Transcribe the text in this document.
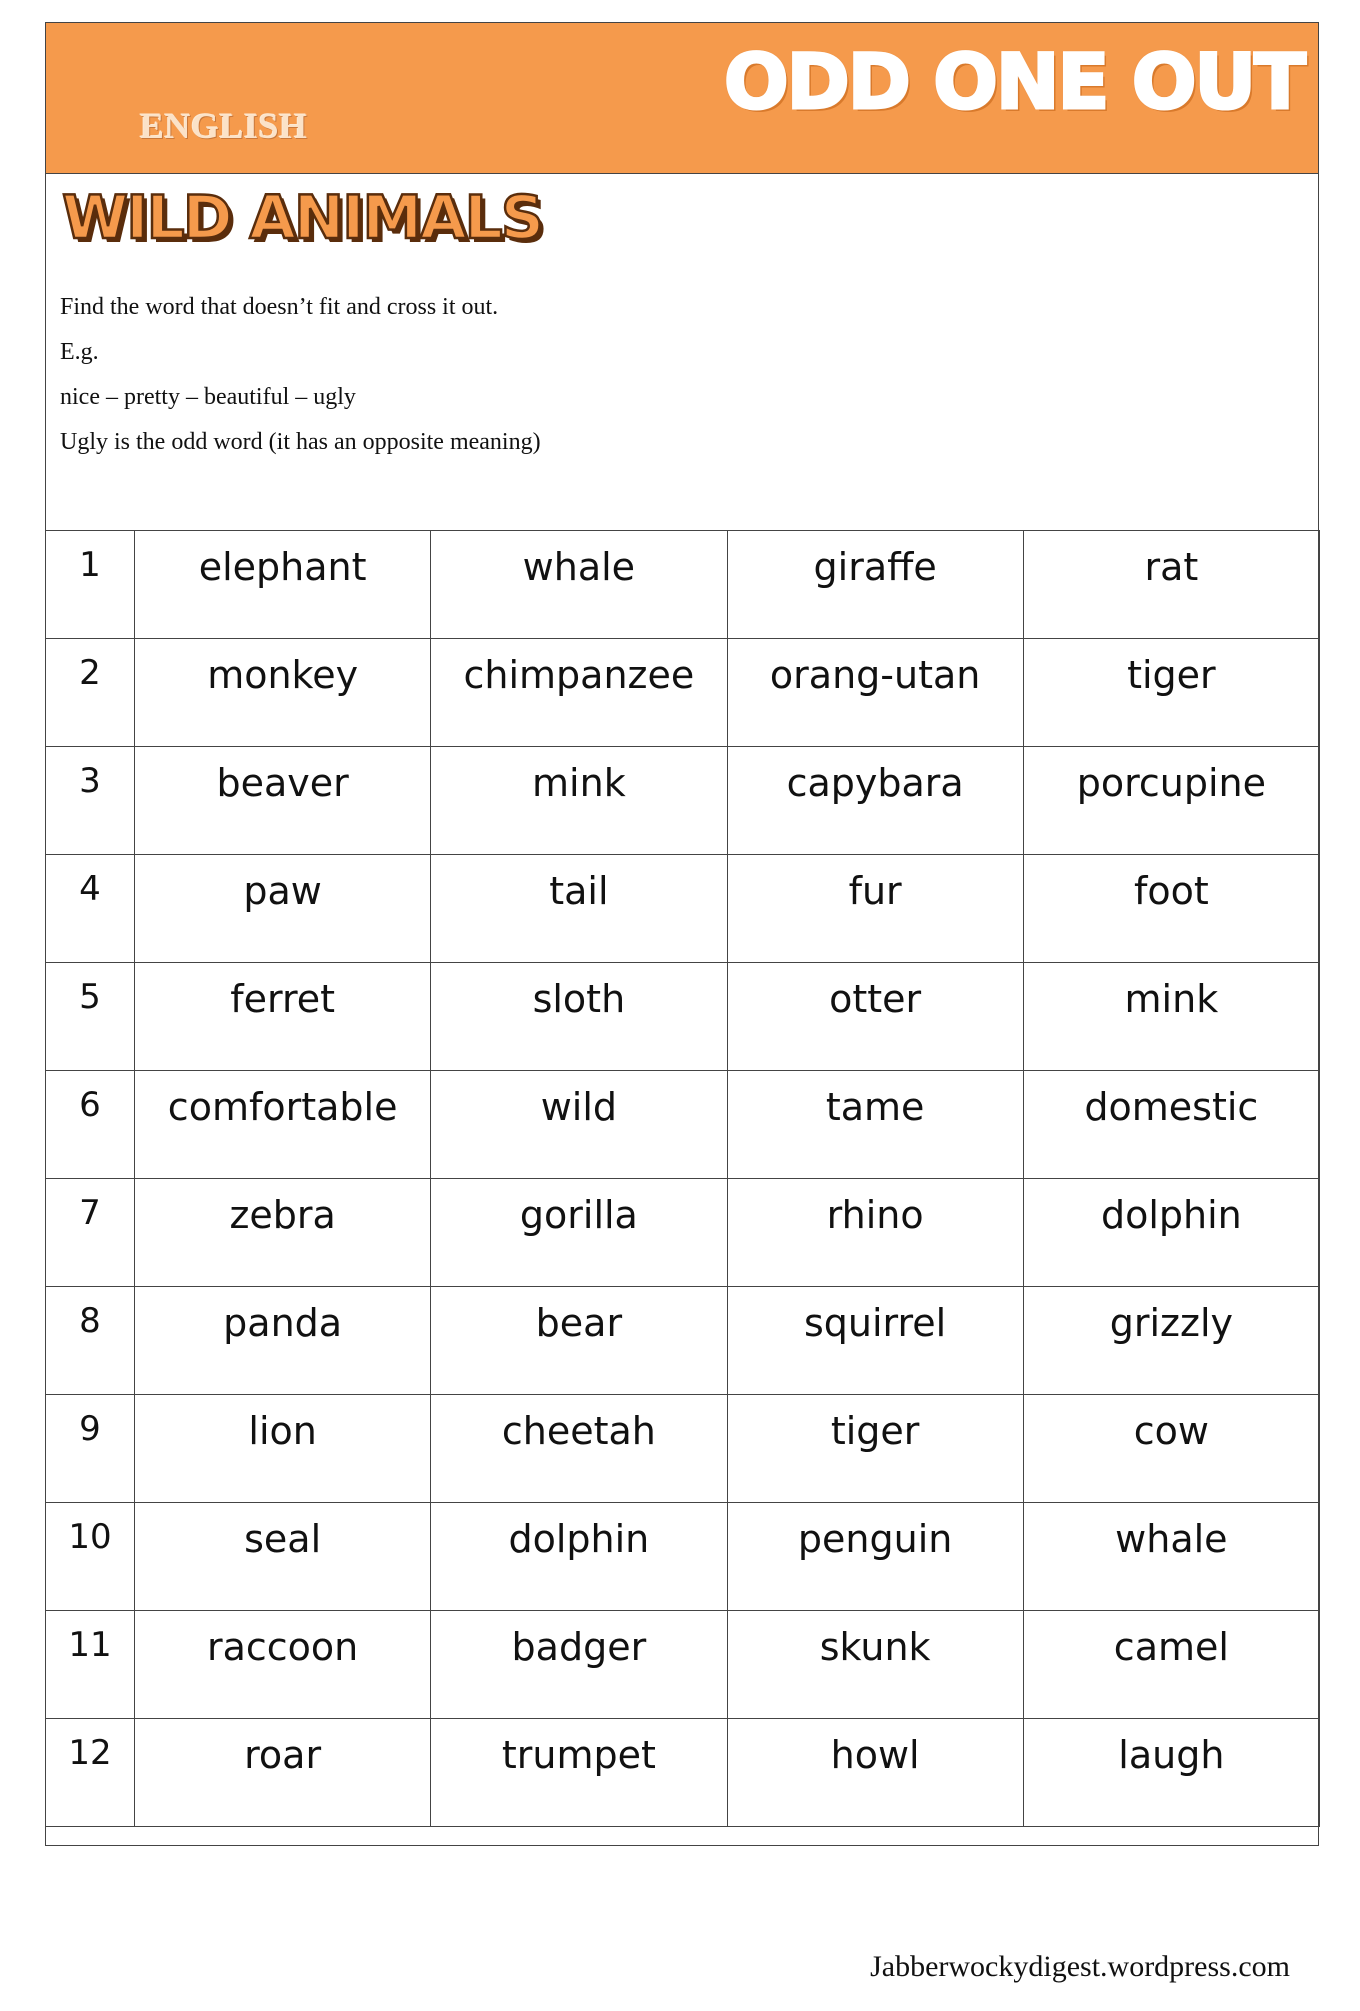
ENGLISH	ODD ONE OUT
WILD ANIMALS
Find the word that doesn’t fit and cross it out.
E.g.
nice – pretty – beautiful – ugly
Ugly is the odd word (it has an opposite meaning)
1	elephant	whale	giraffe	rat
2	monkey	chimpanzee	orang-utan	tiger
3	beaver	mink	capybara	porcupine
4	paw	tail	fur	foot
5	ferret	sloth	otter	mink
6	comfortable	wild	tame	domestic
7	zebra	gorilla	rhino	dolphin
8	panda	bear	squirrel	grizzly
9	lion	cheetah	tiger	cow
10	seal	dolphin	penguin	whale
11	raccoon	badger	skunk	camel
12	roar	trumpet	howl	laugh
Jabberwockydigest.wordpress.com
